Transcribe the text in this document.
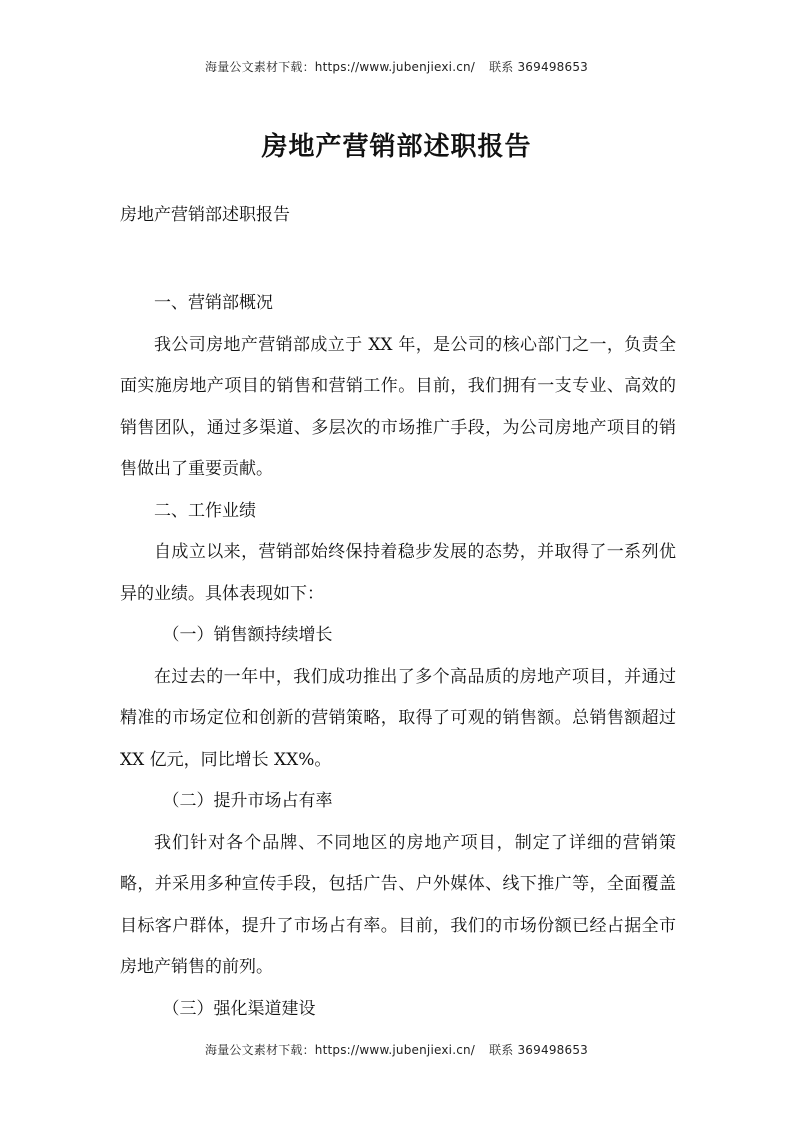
海量公文素材下载：https://www.jubenjiexi.cn/ 联系 369498653
房地产营销部述职报告

房地产营销部述职报告

一、营销部概况

我公司房地产营销部成立于 XX 年，是公司的核心部门之一，负责全面实施房地产项目的销售和营销工作。目前，我们拥有一支专业、高效的销售团队，通过多渠道、多层次的市场推广手段，为公司房地产项目的销售做出了重要贡献。

二、工作业绩

自成立以来，营销部始终保持着稳步发展的态势，并取得了一系列优异的业绩。具体表现如下：

（一）销售额持续增长

在过去的一年中，我们成功推出了多个高品质的房地产项目，并通过精准的市场定位和创新的营销策略，取得了可观的销售额。总销售额超过 XX 亿元，同比增长 XX%。

（二）提升市场占有率

我们针对各个品牌、不同地区的房地产项目，制定了详细的营销策略，并采用多种宣传手段，包括广告、户外媒体、线下推广等，全面覆盖目标客户群体，提升了市场占有率。目前，我们的市场份额已经占据全市房地产销售的前列。

（三）强化渠道建设

海量公文素材下载：https://www.jubenjiexi.cn/ 联系 369498653
